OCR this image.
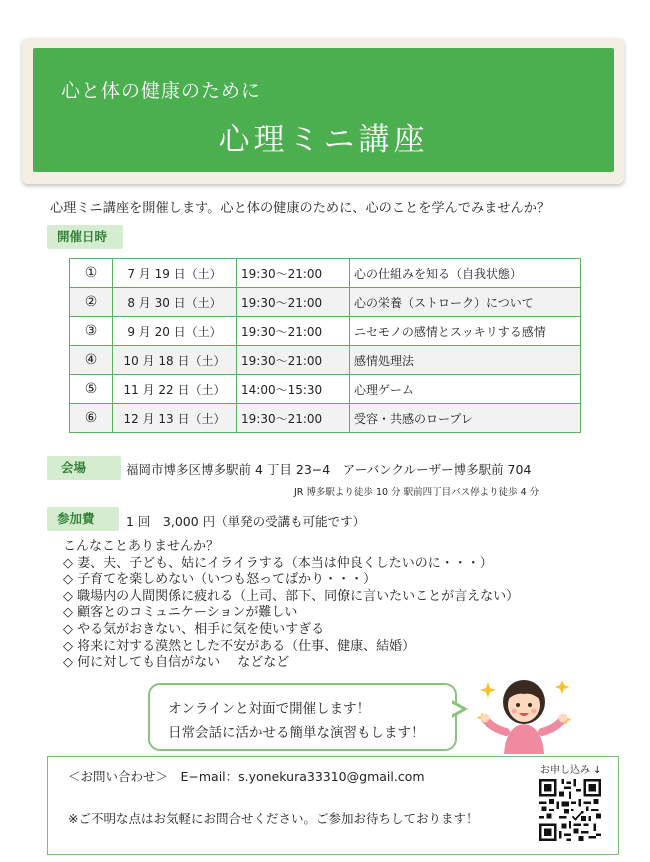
心と体の健康のために
心理ミニ講座
心理ミニ講座を開催します。心と体の健康のために、心のことを学んでみませんか？
開催日時
①	7 月 19 日（土）	19:30～21:00	心の仕組みを知る（自我状態）
②	8 月 30 日（土）	19:30～21:00	心の栄養（ストローク）について
③	9 月 20 日（土）	19:30～21:00	ニセモノの感情とスッキリする感情
④	10 月 18 日（土）	19:30～21:00	感情処理法
⑤	11 月 22 日（土）	14:00～15:30	心理ゲーム
⑥	12 月 13 日（土）	19:30～21:00	受容・共感のロープレ
会場	福岡市博多区博多駅前 4 丁目 23−4　アーバンクルーザー博多駅前 704
JR 博多駅より徒歩 10 分 駅前四丁目バス停より徒歩 4 分
参加費	1 回　3,000 円（単発の受講も可能です）
こんなことありませんか？
◇ 妻、夫、子ども、姑にイライラする（本当は仲良くしたいのに・・・）
◇ 子育てを楽しめない（いつも怒ってばかり・・・）
◇ 職場内の人間関係に疲れる（上司、部下、同僚に言いたいことが言えない）
◇ 顧客とのコミュニケーションが難しい
◇ やる気がおきない、相手に気を使いすぎる
◇ 将来に対する漠然とした不安がある（仕事、健康、結婚）
◇ 何に対しても自信がない　 などなど
オンラインと対面で開催します！
日常会話に活かせる簡単な演習もします！
＜お問い合わせ＞　E−mail：s.yonekura33310@gmail.com
※ご不明な点はお気軽にお問合せください。ご参加お待ちしております！
お申し込み ↓
